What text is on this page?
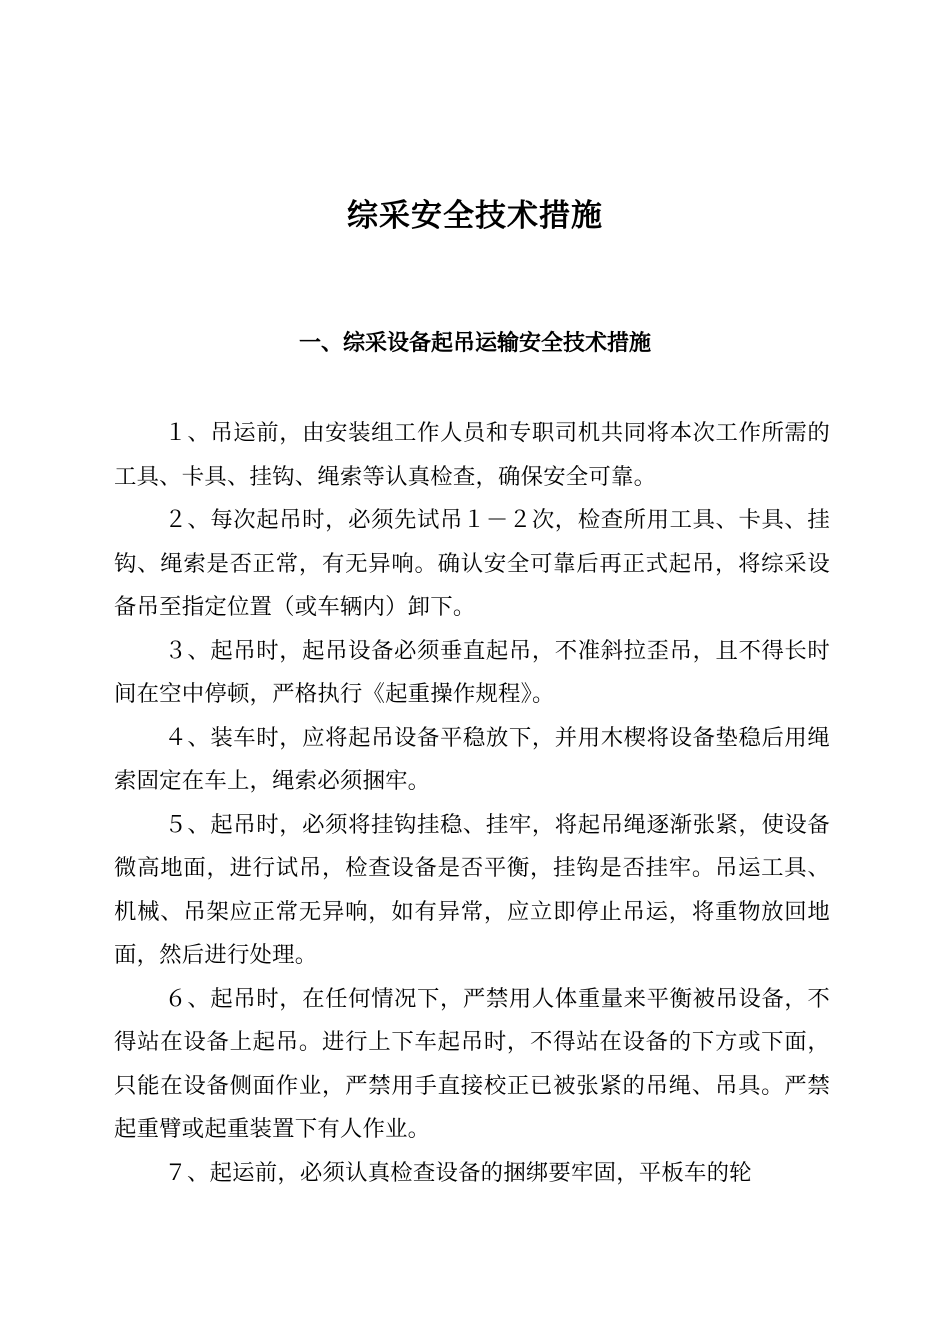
综采安全技术措施
一、综采设备起吊运输安全技术措施

１、吊运前，由安装组工作人员和专职司机共同将本次工作所需的工具、卡具、挂钩、绳索等认真检查，确保安全可靠。

２、每次起吊时，必须先试吊１－２次，检查所用工具、卡具、挂钩、绳索是否正常，有无异响。确认安全可靠后再正式起吊，将综采设备吊至指定位置（或车辆内）卸下。

３、起吊时，起吊设备必须垂直起吊，不准斜拉歪吊，且不得长时间在空中停顿，严格执行《起重操作规程》。

４、装车时，应将起吊设备平稳放下，并用木楔将设备垫稳后用绳索固定在车上，绳索必须捆牢。

５、起吊时，必须将挂钩挂稳、挂牢，将起吊绳逐渐张紧，使设备微高地面，进行试吊，检查设备是否平衡，挂钩是否挂牢。吊运工具、机械、吊架应正常无异响，如有异常，应立即停止吊运，将重物放回地面，然后进行处理。

６、起吊时，在任何情况下，严禁用人体重量来平衡被吊设备，不得站在设备上起吊。进行上下车起吊时，不得站在设备的下方或下面，只能在设备侧面作业，严禁用手直接校正已被张紧的吊绳、吊具。严禁起重臂或起重装置下有人作业。

７、起运前，必须认真检查设备的捆绑要牢固，平板车的轮
